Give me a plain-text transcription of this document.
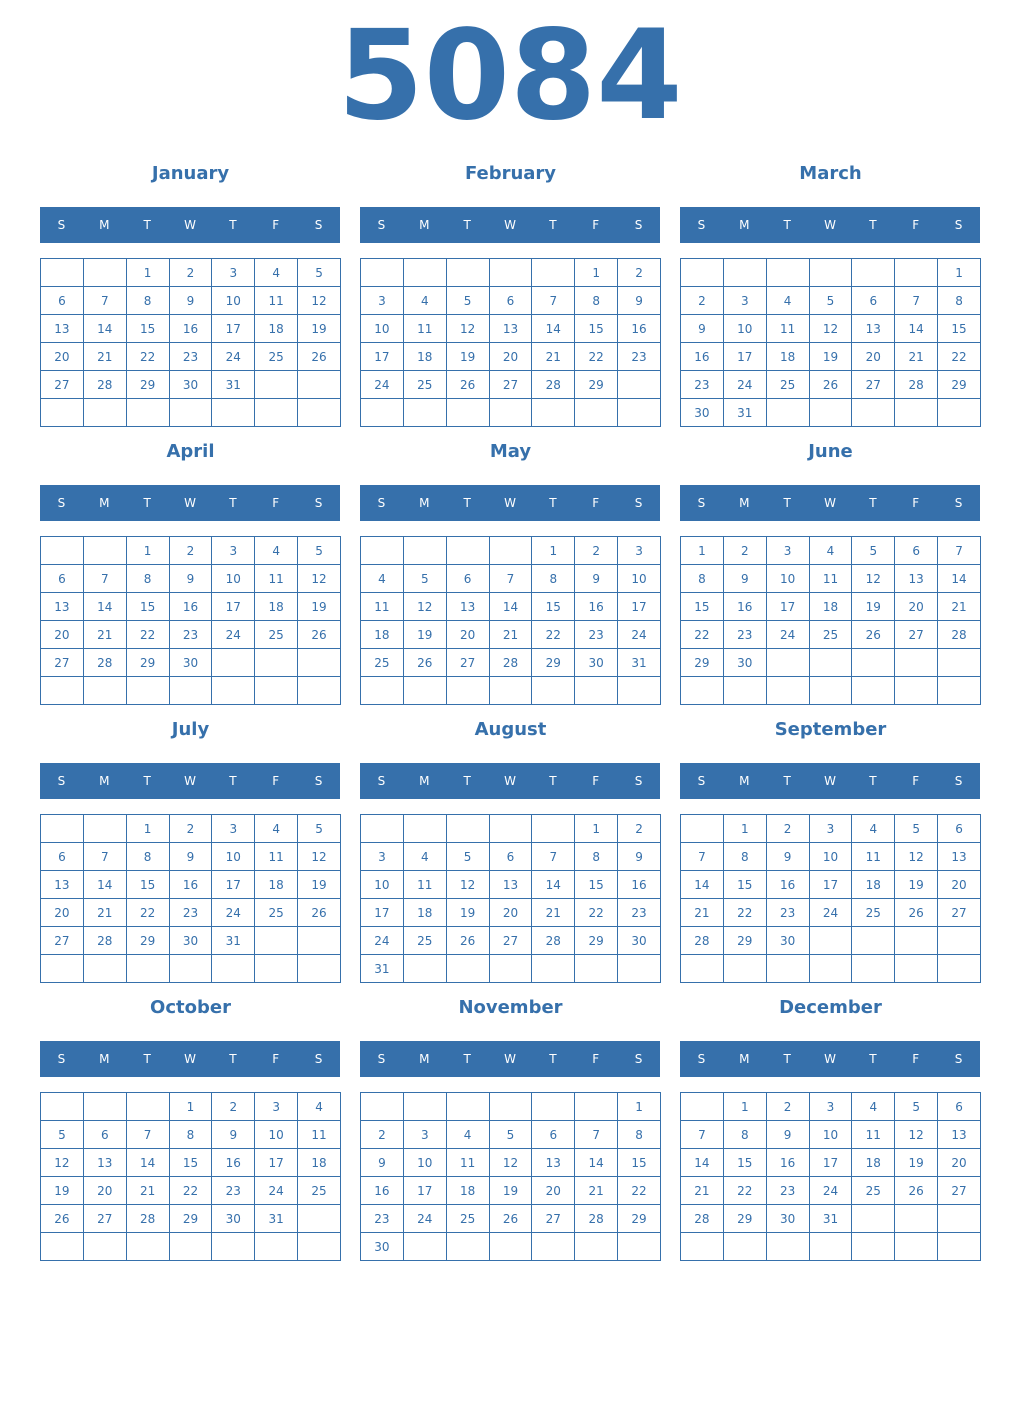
5084
January
S	M	T	W	T	F	S
		1	2	3	4	5
6	7	8	9	10	11	12
13	14	15	16	17	18	19
20	21	22	23	24	25	26
27	28	29	30	31		

February
S	M	T	W	T	F	S
					1	2
3	4	5	6	7	8	9
10	11	12	13	14	15	16
17	18	19	20	21	22	23
24	25	26	27	28	29	

March
S	M	T	W	T	F	S
						1
2	3	4	5	6	7	8
9	10	11	12	13	14	15
16	17	18	19	20	21	22
23	24	25	26	27	28	29
30	31					
April
S	M	T	W	T	F	S
		1	2	3	4	5
6	7	8	9	10	11	12
13	14	15	16	17	18	19
20	21	22	23	24	25	26
27	28	29	30			

May
S	M	T	W	T	F	S
				1	2	3
4	5	6	7	8	9	10
11	12	13	14	15	16	17
18	19	20	21	22	23	24
25	26	27	28	29	30	31

June
S	M	T	W	T	F	S
1	2	3	4	5	6	7
8	9	10	11	12	13	14
15	16	17	18	19	20	21
22	23	24	25	26	27	28
29	30					

July
S	M	T	W	T	F	S
		1	2	3	4	5
6	7	8	9	10	11	12
13	14	15	16	17	18	19
20	21	22	23	24	25	26
27	28	29	30	31		

August
S	M	T	W	T	F	S
					1	2
3	4	5	6	7	8	9
10	11	12	13	14	15	16
17	18	19	20	21	22	23
24	25	26	27	28	29	30
31						
September
S	M	T	W	T	F	S
	1	2	3	4	5	6
7	8	9	10	11	12	13
14	15	16	17	18	19	20
21	22	23	24	25	26	27
28	29	30				

October
S	M	T	W	T	F	S
			1	2	3	4
5	6	7	8	9	10	11
12	13	14	15	16	17	18
19	20	21	22	23	24	25
26	27	28	29	30	31	

November
S	M	T	W	T	F	S
						1
2	3	4	5	6	7	8
9	10	11	12	13	14	15
16	17	18	19	20	21	22
23	24	25	26	27	28	29
30						
December
S	M	T	W	T	F	S
	1	2	3	4	5	6
7	8	9	10	11	12	13
14	15	16	17	18	19	20
21	22	23	24	25	26	27
28	29	30	31			
